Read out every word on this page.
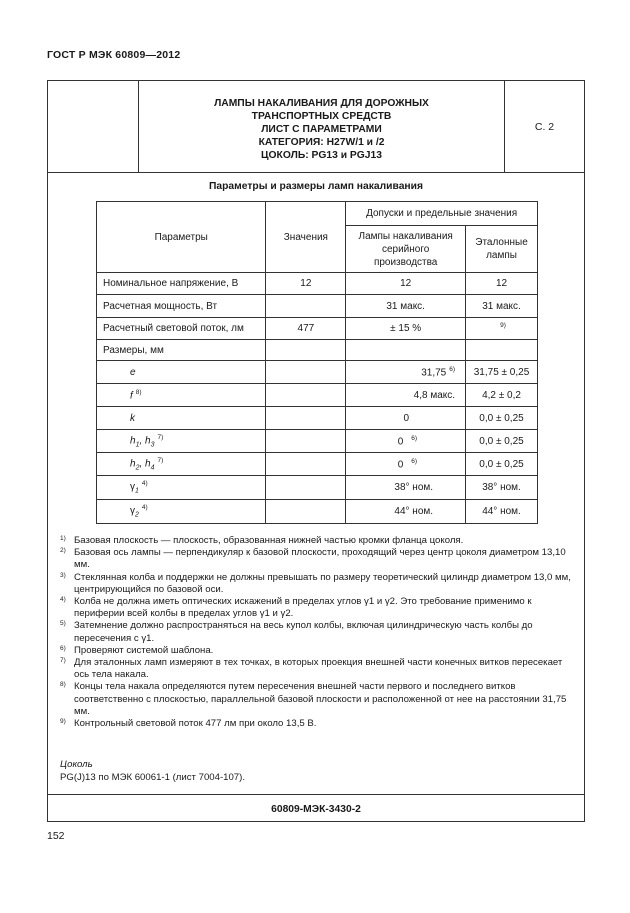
ГОСТ Р МЭК 60809—2012
ЛАМПЫ НАКАЛИВАНИЯ ДЛЯ ДОРОЖНЫХ
ТРАНСПОРТНЫХ СРЕДСТВ
ЛИСТ С ПАРАМЕТРАМИ
КАТЕГОРИЯ: H27W/1 и /2
ЦОКОЛЬ: PG13 и PGJ13
С. 2
Параметры и размеры ламп накаливания
Параметры	Значения	Допуски и предельные значения	
		Лампы накаливания серийного производства	Эталонные лампы
Номинальное напряжение, В	12	12	12
Расчетная мощность, Вт		31 макс.	31 макс.
Расчетный световой поток, лм	477	± 15 %	$^{9)}$
Размеры, мм			
e		31,75 $^{6)}$	31,75 ± 0,25
f $^{8)}$		4,8 макс.	4,2 ± 0,2
k		0	0,0 ± 0,25
$h_1$, $h_3^{7)}$		0 $^{6)}$	0,0 ± 0,25
$h_2$, $h_4^{7)}$		0 $^{6)}$	0,0 ± 0,25
$\gamma_1^{4)}$		38° ном.	38° ном.
$\gamma_2^{4)}$		44° ном.	44° ном.
1) Базовая плоскость — плоскость, образованная нижней частью кромки фланца цоколя.
2) Базовая ось лампы — перпендикуляр к базовой плоскости, проходящий через центр цоколя диаметром 13,10 мм.
3) Стеклянная колба и поддержки не должны превышать по размеру теоретический цилиндр диаметром 13,0 мм, центрирующийся по базовой оси.
4) Колба не должна иметь оптических искажений в пределах углов γ1 и γ2. Это требование применимо к периферии всей колбы в пределах углов γ1 и γ2.
5) Затемнение должно распространяться на весь купол колбы, включая цилиндрическую часть колбы до пересечения с γ1.
6) Проверяют системой шаблона.
7) Для эталонных ламп измеряют в тех точках, в которых проекция внешней части конечных витков пересекает ось тела накала.
8) Концы тела накала определяются путем пересечения внешней части первого и последнего витков соответственно с плоскостью, параллельной базовой плоскости и расположенной от нее на расстоянии 31,75 мм.
9) Контрольный световой поток 477 лм при около 13,5 В.
Цоколь
PG(J)13 по МЭК 60061-1 (лист 7004-107).
60809-МЭК-3430-2
152
